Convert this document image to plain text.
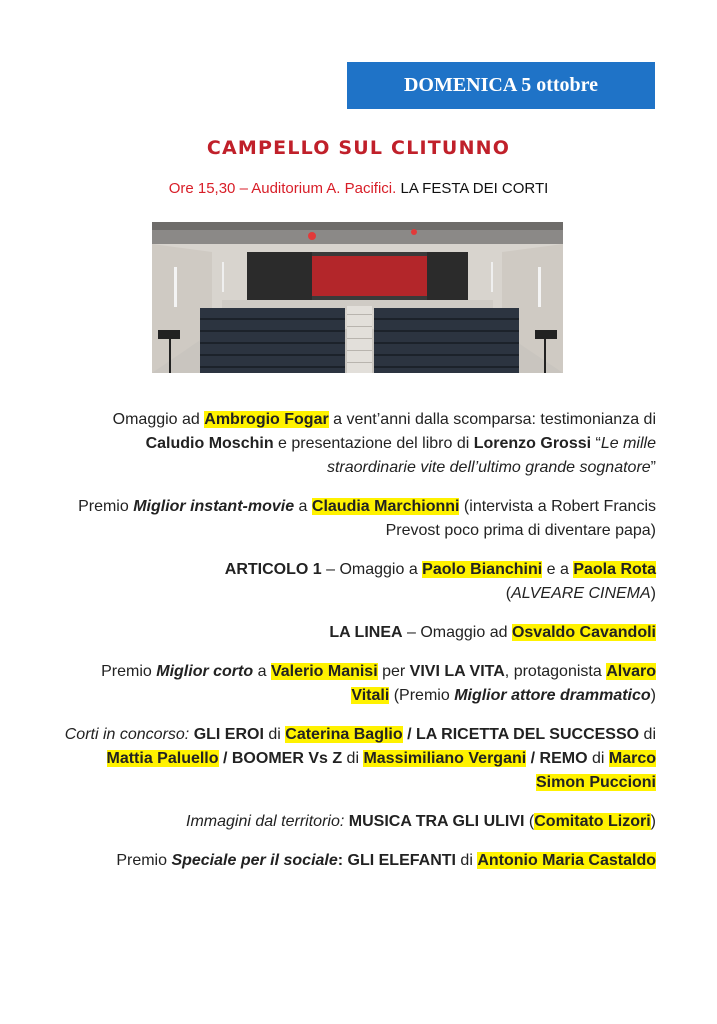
DOMENICA 5 ottobre
CAMPELLO SUL CLITUNNO
Ore 15,30 – Auditorium A. Pacifici. LA FESTA DEI CORTI

Omaggio ad Ambrogio Fogar a vent’anni dalla scomparsa: testimonianza di Caludio Moschin e presentazione del libro di Lorenzo Grossi “Le mille straordinarie vite dell’ultimo grande sognatore”

Premio Miglior instant-movie a Claudia Marchionni (intervista a Robert Francis Prevost poco prima di diventare papa)

ARTICOLO 1 – Omaggio a Paolo Bianchini e a Paola Rota
(ALVEARE CINEMA)

LA LINEA – Omaggio ad Osvaldo Cavandoli

Premio Miglior corto a Valerio Manisi per VIVI LA VITA, protagonista Alvaro Vitali (Premio Miglior attore drammatico)

Corti in concorso: GLI EROI di Caterina Baglio / LA RICETTA DEL SUCCESSO di Mattia Paluello / BOOMER Vs Z di Massimiliano Vergani / REMO di Marco Simon Puccioni

Immagini dal territorio: MUSICA TRA GLI ULIVI (Comitato Lizori)

Premio Speciale per il sociale: GLI ELEFANTI di Antonio Maria Castaldo
